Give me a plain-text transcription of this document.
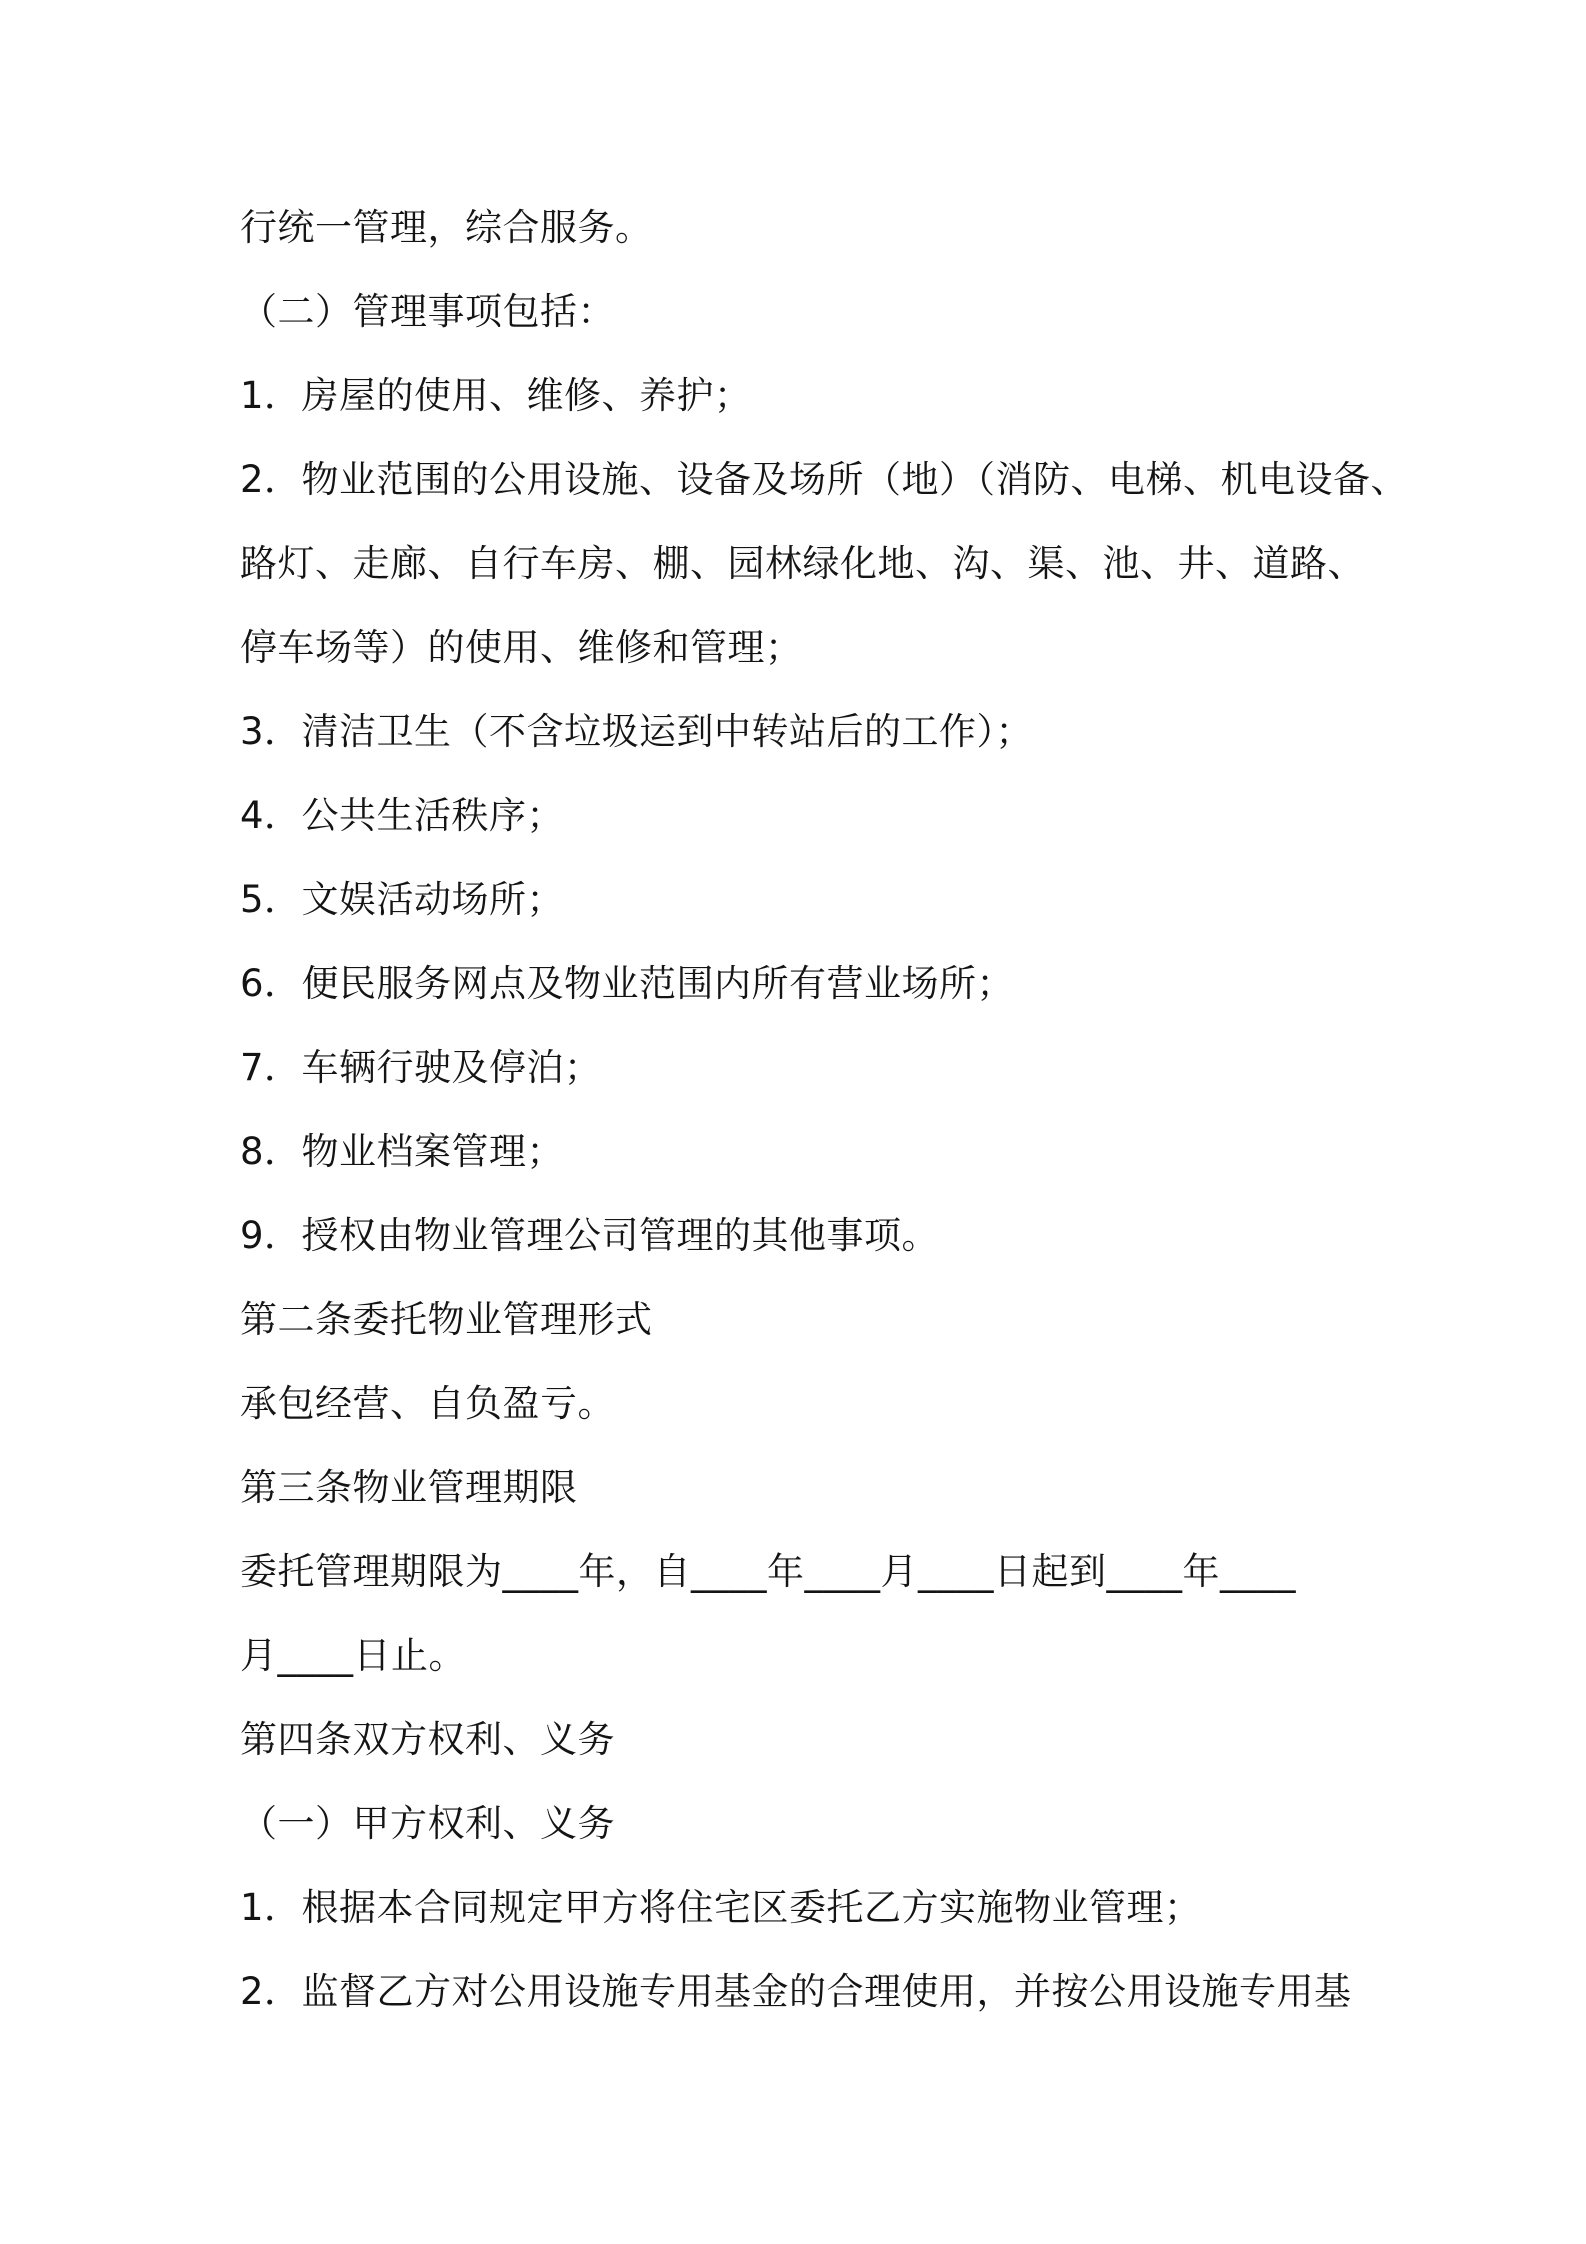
行统一管理，综合服务。
（二）管理事项包括：
1．房屋的使用、维修、养护；
2．物业范围的公用设施、设备及场所（地）（消防、电梯、机电设备、
路灯、走廊、自行车房、棚、园林绿化地、沟、渠、池、井、道路、
停车场等）的使用、维修和管理；
3．清洁卫生（不含垃圾运到中转站后的工作）；
4．公共生活秩序；
5．文娱活动场所；
6．便民服务网点及物业范围内所有营业场所；
7．车辆行驶及停泊；
8．物业档案管理；
9．授权由物业管理公司管理的其他事项。
第二条委托物业管理形式
承包经营、自负盈亏。
第三条物业管理期限
委托管理期限为____年，自____年____月____日起到____年____
月____日止。
第四条双方权利、义务
（一）甲方权利、义务
1．根据本合同规定甲方将住宅区委托乙方实施物业管理；
2．监督乙方对公用设施专用基金的合理使用，并按公用设施专用基
